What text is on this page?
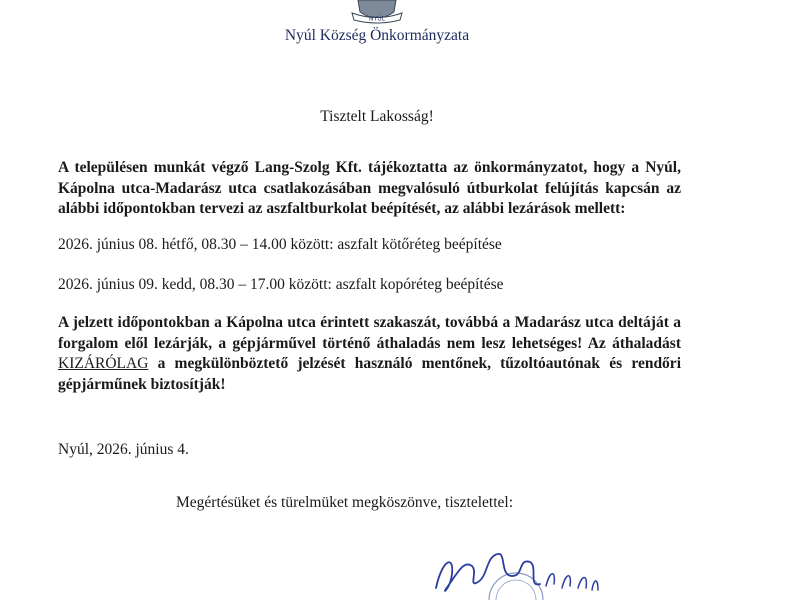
NYÚL
Nyúl Község Önkormányzata
Tisztelt Lakosság!
A településen munkát végző Lang-Szolg Kft. tájékoztatta az önkormányzatot, hogy a Nyúl, Kápolna utca-Madarász utca csatlakozásában megvalósuló útburkolat felújítás kapcsán az alábbi időpontokban tervezi az aszfaltburkolat beépítését, az alábbi lezárások mellett:
2026. június 08. hétfő, 08.30 – 14.00 között: aszfalt kötőréteg beépítése
2026. június 09. kedd, 08.30 – 17.00 között: aszfalt kopóréteg beépítése
A jelzett időpontokban a Kápolna utca érintett szakaszát, továbbá a Madarász utca deltáját a forgalom elől lezárják, a gépjárművel történő áthaladás nem lesz lehetséges! Az áthaladást KIZÁRÓLAG a megkülönböztető jelzését használó mentőnek, tűzoltóautónak és rendőri gépjárműnek biztosítják!
Nyúl, 2026. június 4.
Megértésüket és türelmüket megköszönve, tisztelettel:
